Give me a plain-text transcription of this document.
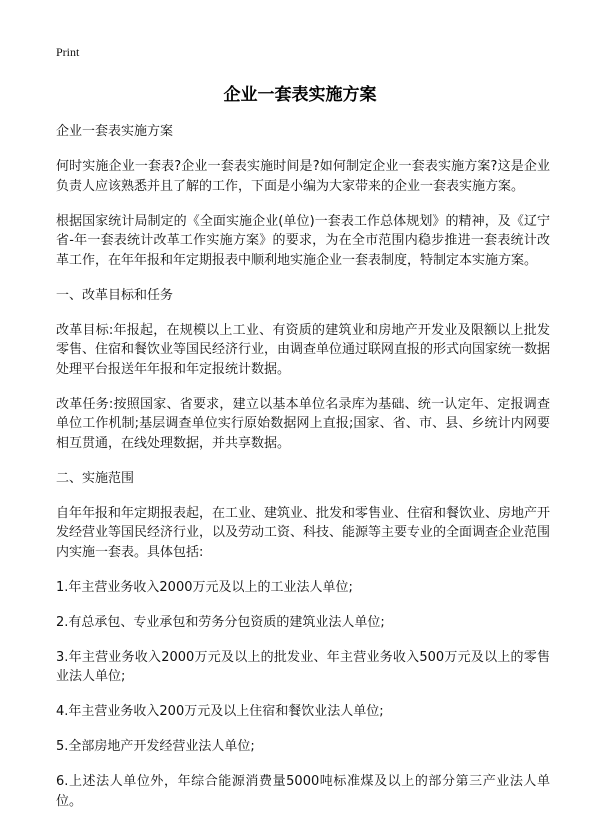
Print
企业一套表实施方案

企业一套表实施方案

何时实施企业一套表?企业一套表实施时间是?如何制定企业一套表实施方案?这是企业负责人应该熟悉并且了解的工作，下面是小编为大家带来的企业一套表实施方案。

根据国家统计局制定的《全面实施企业(单位)一套表工作总体规划》的精神，及《辽宁省-年一套表统计改革工作实施方案》的要求，为在全市范围内稳步推进一套表统计改革工作，在年年报和年定期报表中顺利地实施企业一套表制度，特制定本实施方案。

一、改革目标和任务

改革目标:年报起，在规模以上工业、有资质的建筑业和房地产开发业及限额以上批发零售、住宿和餐饮业等国民经济行业，由调查单位通过联网直报的形式向国家统一数据处理平台报送年年报和年定报统计数据。

改革任务:按照国家、省要求，建立以基本单位名录库为基础、统一认定年、定报调查单位工作机制;基层调查单位实行原始数据网上直报;国家、省、市、县、乡统计内网要相互贯通，在线处理数据，并共享数据。

二、实施范围

自年年报和年定期报表起，在工业、建筑业、批发和零售业、住宿和餐饮业、房地产开发经营业等国民经济行业，以及劳动工资、科技、能源等主要专业的全面调查企业范围内实施一套表。具体包括:

1.年主营业务收入2000万元及以上的工业法人单位;

2.有总承包、专业承包和劳务分包资质的建筑业法人单位;

3.年主营业务收入2000万元及以上的批发业、年主营业务收入500万元及以上的零售业法人单位;

4.年主营业务收入200万元及以上住宿和餐饮业法人单位;

5.全部房地产开发经营业法人单位;

6.上述法人单位外，年综合能源消费量5000吨标准煤及以上的部分第三产业法人单位。
